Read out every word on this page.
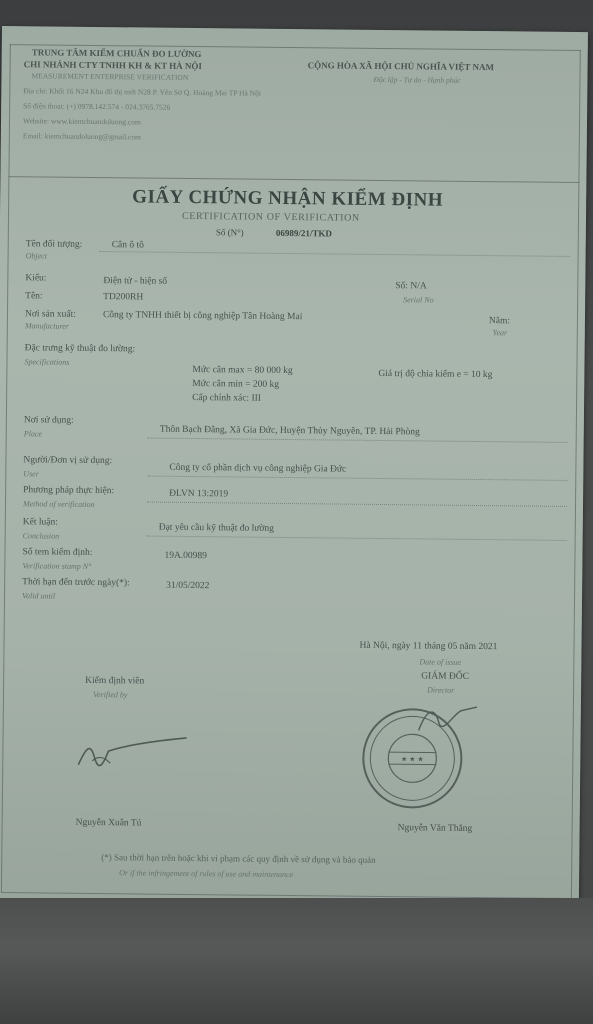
TRUNG TÂM KIỂM CHUẨN ĐO LƯỜNG
CHI NHÁNH CTY TNHH KH & KT HÀ NỘI
MEASUREMENT ENTERPRISE VERIFICATION
Địa chỉ: Khối 16 N24 Khu đô thị mới N28 P. Yên Sở Q. Hoàng Mai TP Hà Nội
Số điện thoại: (+) 0978.142.574 - 024.3765.7526
Website: www.kiemchuandoluong.com
Email: kiemchuandoluong@gmail.com
CỘNG HÒA XÃ HỘI CHỦ NGHĨA VIỆT NAM
Độc lập - Tự do - Hạnh phúc
GIẤY CHỨNG NHẬN KIỂM ĐỊNH
CERTIFICATION OF VERIFICATION
Số (N°)	06989/21/TKD
Tên đối tượng:
Object
Cân ô tô
Kiểu:	Điện tử - hiện số	Số: N/A
Serial No
Tên:	TD200RH
Nơi sản xuất:
Manufacturer
Công ty TNHH thiết bị công nghiệp Tân Hoàng Mai	Năm:
Year
Đặc trưng kỹ thuật đo lường:
Specifications
Mức cân max = 80 000 kg
Mức cân min = 200 kg
Cấp chính xác: III
Giá trị độ chia kiểm e = 10 kg
Nơi sử dụng:
Place	Thôn Bạch Đằng, Xã Gia Đức, Huyện Thủy Nguyên, TP. Hải Phòng
Người/Đơn vị sử dụng:
User	Công ty cổ phần dịch vụ công nghiệp Gia Đức
Phương pháp thực hiện:
Method of verification
ĐLVN 13:2019
Kết luận:
Conclusion
Đạt yêu cầu kỹ thuật đo lường
Số tem kiểm định:
Verification stamp N°
19A.00989
Thời hạn đến trước ngày(*):
Valid until
31/05/2022
Hà Nội, ngày 11 tháng 05 năm 2021
Date of issue
GIÁM ĐỐC
Director
Kiểm định viên
Verified by
★ ★ ★
Nguyễn Xuân Tú
Nguyễn Văn Thắng
(*) Sau thời hạn trên hoặc khi vi phạm các quy định về sử dụng và bảo quản
Or if the infringement of rules of use and maintenance
